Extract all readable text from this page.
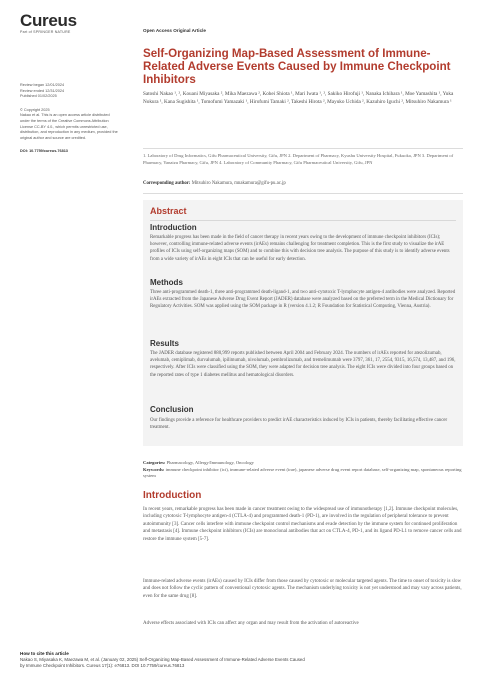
Cureus
Part of SPRINGER NATURE	Open Access Original Article
Review began 12/01/2024
Review ended 12/31/2024
Published 01/02/2025
© Copyright 2025
Nakao et al. This is an open access article distributed under the terms of the Creative Commons Attribution License CC-BY 4.0., which permits unrestricted use, distribution, and reproduction in any medium, provided the original author and source are credited.
DOI: 10.7759/cureus.76813
Self-Organizing Map-Based Assessment of Immune-Related Adverse Events Caused by Immune Checkpoint Inhibitors
Satoshi Nakao ¹, ², Kouani Miyasaka ², Mika Maezawa ², Kohei Shiota ¹, Mari Iwata ¹, ², Sakiko Hirofuji ¹, Nanaka Ichihara ¹, Moe Yamashita ¹, Yuka Nokura ¹, Kana Sugishita ¹, Tomofumi Yamazaki ¹, Hirofumi Tamaki ², Takeshi Hirota ², Mayuko Uchida ², Kazuhiro Iguchi ², Mitsuhiro Nakamura ¹
1. Laboratory of Drug Informatics, Gifu Pharmaceutical University, Gifu, JPN 2. Department of Pharmacy, Kyushu University Hospital, Fukuoka, JPN 3. Department of Pharmacy, Yanaizu Pharmacy, Gifu, JPN 4. Laboratory of Community Pharmacy, Gifu Pharmaceutical University, Gifu, JPN
Corresponding author: Mitsuhiro Nakamura, mnakamura@gifu-pu.ac.jp
Abstract
Introduction
Remarkable progress has been made in the field of cancer therapy in recent years owing to the development of immune checkpoint inhibitors (ICIs); however, controlling immune-related adverse events (irAEs) remains challenging for treatment completion. This is the first study to visualize the irAE profiles of ICIs using self-organizing maps (SOM) and to combine this with decision tree analysis. The purpose of this study is to identify adverse events from a wide variety of irAEs in eight ICIs that can be useful for early detection.
Methods
Three anti-programmed death-1, three anti-programmed death-ligand-1, and two anti-cytotoxic T-lymphocyte antigen-4 antibodies were analyzed. Reported irAEs extracted from the Japanese Adverse Drug Event Report (JADER) database were analyzed based on the preferred term in the Medical Dictionary for Regulatory Activities. SOM was applied using the SOM package in R (version 4.1.2; R Foundation for Statistical Computing, Vienna, Austria).
Results
The JADER database registered 880,999 reports published between April 2004 and February 2024. The numbers of irAEs reported for atezolizumab, avelumab, cemiplimab, durvalumab, ipilimumab, nivolumab, pembrolizumab, and tremelimumab were 3797, 361, 17, 2554, 9315, 16,574, 13,487, and 196, respectively. After ICIs were classified using the SOM, they were adapted for decision tree analysis. The eight ICIs were divided into four groups based on the reported rates of type 1 diabetes mellitus and hematological disorders.
Conclusion
Our findings provide a reference for healthcare providers to predict irAE characteristics induced by ICIs in patients, thereby facilitating effective cancer treatment.
Categories: Pharmacology, Allergy/Immunology, Oncology
Keywords: immune checkpoint inhibitor (ici), immune-related adverse event (irae), japanese adverse drug event report database, self-organizing map, spontaneous reporting system
Introduction
In recent years, remarkable progress has been made in cancer treatment owing to the widespread use of immunotherapy [1,2]. Immune checkpoint molecules, including cytotoxic T-lymphocyte antigen-4 (CTLA-4) and programmed death-1 (PD-1), are involved in the regulation of peripheral tolerance to prevent autoimmunity [3]. Cancer cells interfere with immune checkpoint control mechanisms and evade detection by the immune system for continued proliferation and metastasis [4]. Immune checkpoint inhibitors (ICIs) are monoclonal antibodies that act on CTLA-4, PD-1, and its ligand PD-L1 to remove cancer cells and restore the immune system [5-7].
Immune-related adverse events (irAEs) caused by ICIs differ from those caused by cytotoxic or molecular targeted agents. The time to onset of toxicity is slow and does not follow the cyclic pattern of conventional cytotoxic agents. The mechanism underlying toxicity is not yet understood and may vary across patients, even for the same drug [8].
Adverse effects associated with ICIs can affect any organ and may result from the activation of autoreactive
How to cite this article
Nakao S, Miyasaka K, Maezawa M, et al. (January 02, 2025) Self-Organizing Map-Based Assessment of Immune-Related Adverse Events Caused
by Immune Checkpoint Inhibitors. Cureus 17(1): e76813. DOI 10.7759/cureus.76813
